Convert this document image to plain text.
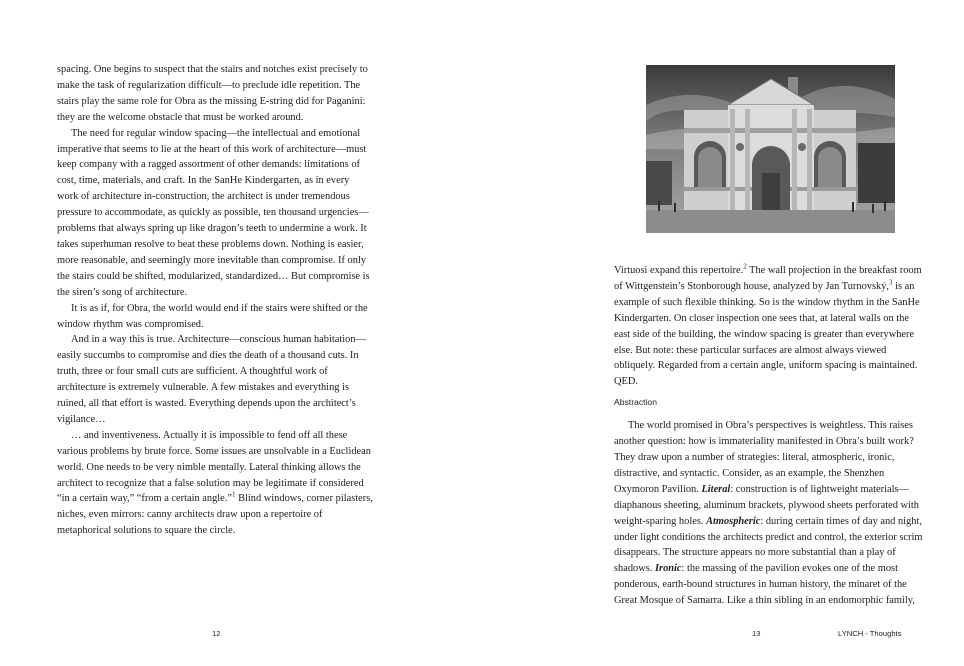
spacing. One begins to suspect that the stairs and notches exist precisely to make the task of regularization difficult—to preclude idle repetition. The stairs play the same role for Obra as the missing E-string did for Paganini: they are the welcome obstacle that must be worked around.

The need for regular window spacing—the intellectual and emotional imperative that seems to lie at the heart of this work of architecture—must keep company with a ragged assortment of other demands: limitations of cost, time, materials, and craft. In the SanHe Kindergarten, as in every work of architecture in-construction, the architect is under tremendous pressure to accommodate, as quickly as possible, ten thousand urgencies—problems that always spring up like dragon’s teeth to undermine a work. It takes superhuman resolve to beat these problems down. Nothing is easier, more reasonable, and seemingly more inevitable than compromise. If only the stairs could be shifted, modularized, standardized… But compromise is the siren’s song of architecture.

It is as if, for Obra, the world would end if the stairs were shifted or the window rhythm was compromised.

And in a way this is true. Architecture—conscious human habitation—easily succumbs to compromise and dies the death of a thousand cuts. In truth, three or four small cuts are sufficient. A thoughtful work of architecture is extremely vulnerable. A few mistakes and everything is ruined, all that effort is wasted. Everything depends upon the architect’s vigilance…

… and inventiveness. Actually it is impossible to fend off all these various problems by brute force. Some issues are unsolvable in a Euclidean world. One needs to be very nimble mentally. Lateral thinking allows the architect to recognize that a false solution may be legitimate if considered “in a certain way,” “from a certain angle.”$^1$ Blind windows, corner pilasters, niches, even mirrors: canny architects draw upon a repertoire of metaphorical solutions to square the circle.

12

Virtuosi expand this repertoire.$^2$ The wall projection in the breakfast room of Wittgenstein’s Stonborough house, analyzed by Jan Turnovský,$^3$ is an example of such flexible thinking. So is the window rhythm in the SanHe Kindergarten. On closer inspection one sees that, at lateral walls on the east side of the building, the window spacing is greater than everywhere else. But note: these particular surfaces are almost always viewed obliquely. Regarded from a certain angle, uniform spacing is maintained. QED.

Abstraction

The world promised in Obra’s perspectives is weightless. This raises another question: how is immateriality manifested in Obra’s built work? They draw upon a number of strategies: literal, atmospheric, ironic, distractive, and syntactic. Consider, as an example, the Shenzhen Oxymoron Pavilion. Literal: construction is of lightweight materials—diaphanous sheeting, aluminum brackets, plywood sheets perforated with weight-sparing holes. Atmospheric: during certain times of day and night, under light conditions the architects predict and control, the exterior scrim disappears. The structure appears no more substantial than a play of shadows. Ironic: the massing of the pavilion evokes one of the most ponderous, earth-bound structures in human history, the minaret of the Great Mosque of Samarra. Like a thin sibling in an endomorphic family,

13	LYNCH - Thoughts
